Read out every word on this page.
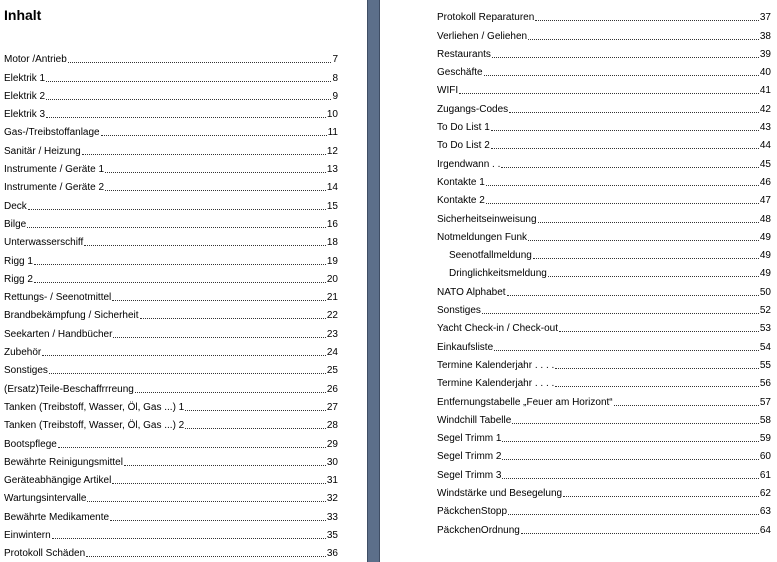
Inhalt
Motor /Antrieb	7
Elektrik 1	8
Elektrik 2	9
Elektrik 3	10
Gas-/Treibstoffanlage	11
Sanitär / Heizung	12
Instrumente / Geräte 1	13
Instrumente / Geräte 2	14
Deck	15
Bilge	16
Unterwasserschiff	18
Rigg 1	19
Rigg 2	20
Rettungs- / Seenotmittel	21
Brandbekämpfung / Sicherheit	22
Seekarten / Handbücher	23
Zubehör	24
Sonstiges	25
(Ersatz)Teile-Beschaffrrreung	26
Tanken (Treibstoff, Wasser, Öl, Gas ...) 1	27
Tanken (Treibstoff, Wasser, Öl, Gas ...) 2	28
Bootspflege	29
Bewährte Reinigungsmittel	30
Geräteabhängige Artikel	31
Wartungsintervalle	32
Bewährte Medikamente	33
Einwintern	35
Protokoll Schäden	36
Protokoll Reparaturen	37
Verliehen / Geliehen	38
Restaurants	39
Geschäfte	40
WIFI	41
Zugangs-Codes	42
To Do List 1	43
To Do List 2	44
Irgendwann . .	45
Kontakte 1	46
Kontakte 2	47
Sicherheitseinweisung	48
Notmeldungen Funk	49
Seenotfallmeldung	49
Dringlichkeitsmeldung	49
NATO Alphabet	50
Sonstiges	52
Yacht Check-in / Check-out	53
Einkaufsliste	54
Termine Kalenderjahr . . . .	55
Termine Kalenderjahr . . . .	56
Entfernungstabelle „Feuer am Horizont“	57
Windchill Tabelle	58
Segel Trimm 1	59
Segel Trimm 2	60
Segel Trimm 3	61
Windstärke und Besegelung	62
PäckchenStopp	63
PäckchenOrdnung	64
